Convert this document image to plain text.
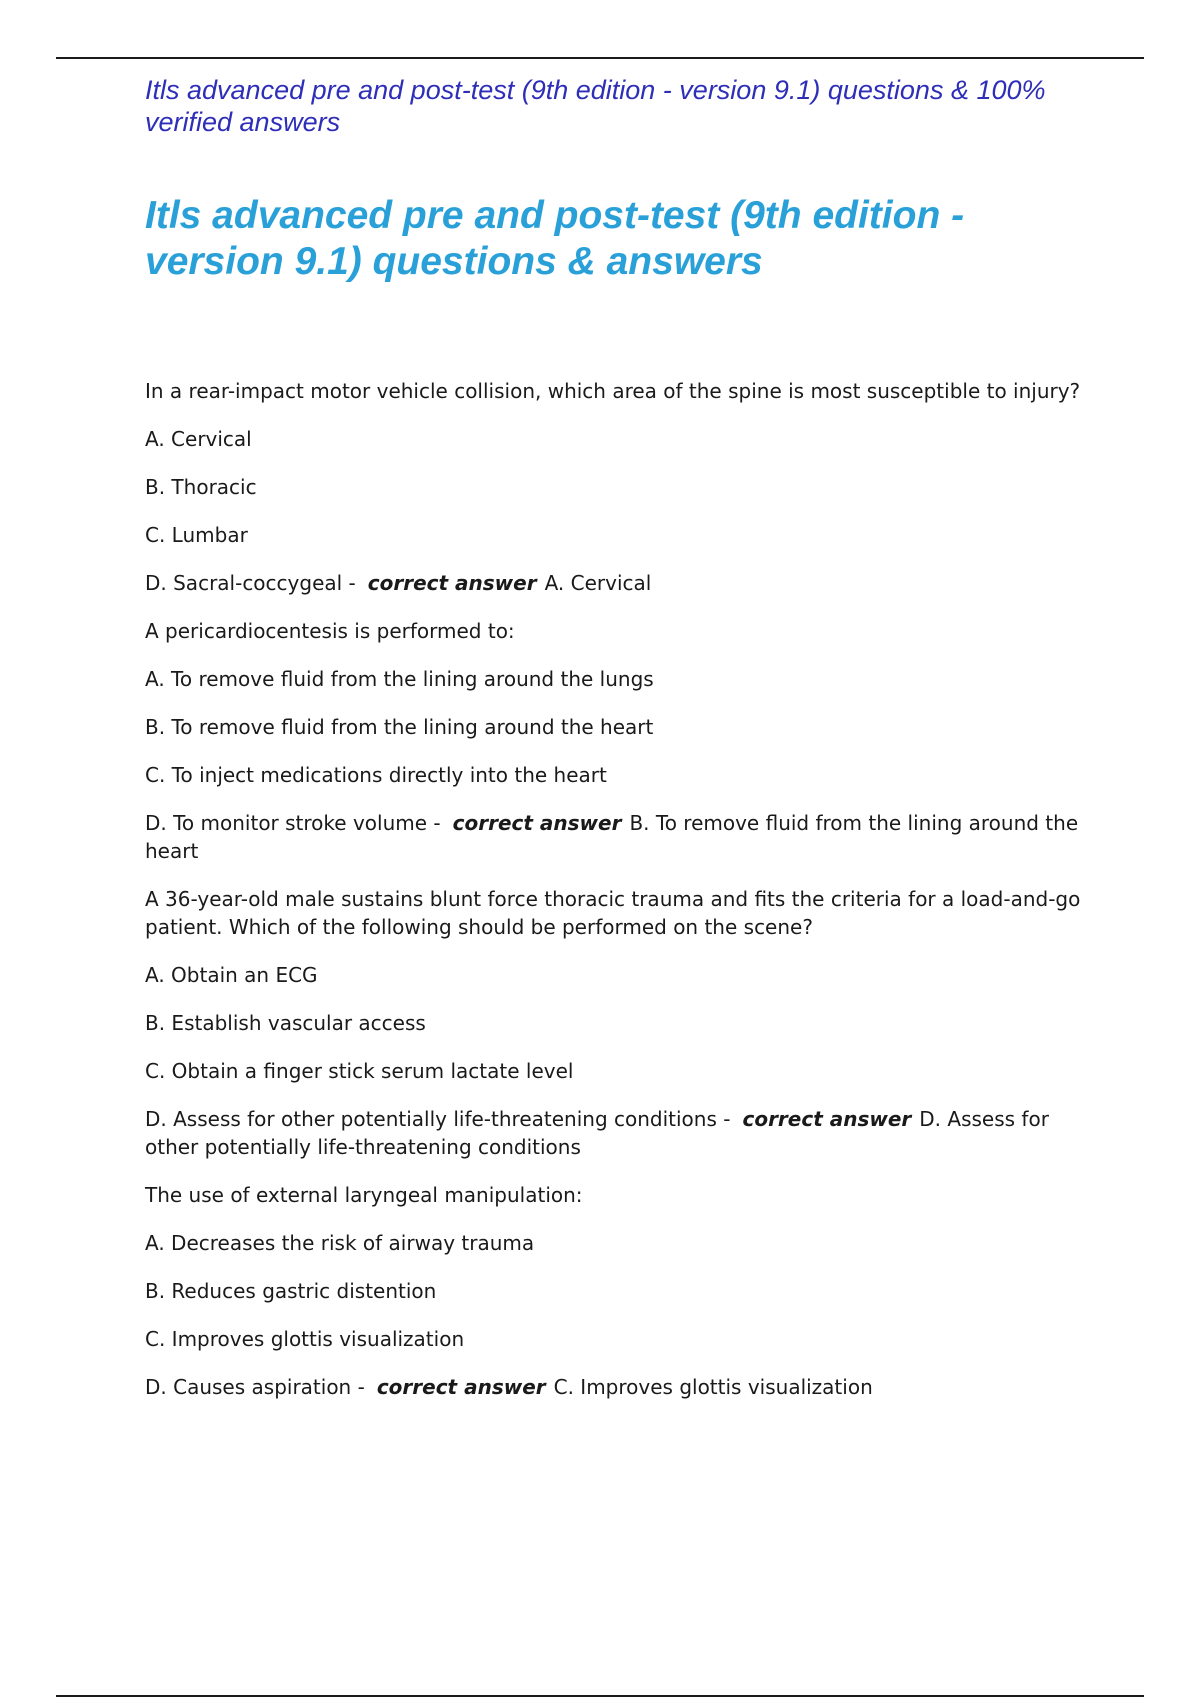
Itls advanced pre and post-test (9th edition - version 9.1) questions & 100% verified answers

Itls advanced pre and post-test (9th edition - version 9.1) questions & answers

In a rear-impact motor vehicle collision, which area of the spine is most susceptible to injury?

A. Cervical

B. Thoracic

C. Lumbar

D. Sacral-coccygeal - correct answer A. Cervical

A pericardiocentesis is performed to:

A. To remove fluid from the lining around the lungs

B. To remove fluid from the lining around the heart

C. To inject medications directly into the heart

D. To monitor stroke volume - correct answer B. To remove fluid from the lining around the heart

A 36-year-old male sustains blunt force thoracic trauma and fits the criteria for a load-and-go patient. Which of the following should be performed on the scene?

A. Obtain an ECG

B. Establish vascular access

C. Obtain a finger stick serum lactate level

D. Assess for other potentially life-threatening conditions - correct answer D. Assess for other potentially life-threatening conditions

The use of external laryngeal manipulation:

A. Decreases the risk of airway trauma

B. Reduces gastric distention

C. Improves glottis visualization

D. Causes aspiration - correct answer C. Improves glottis visualization
